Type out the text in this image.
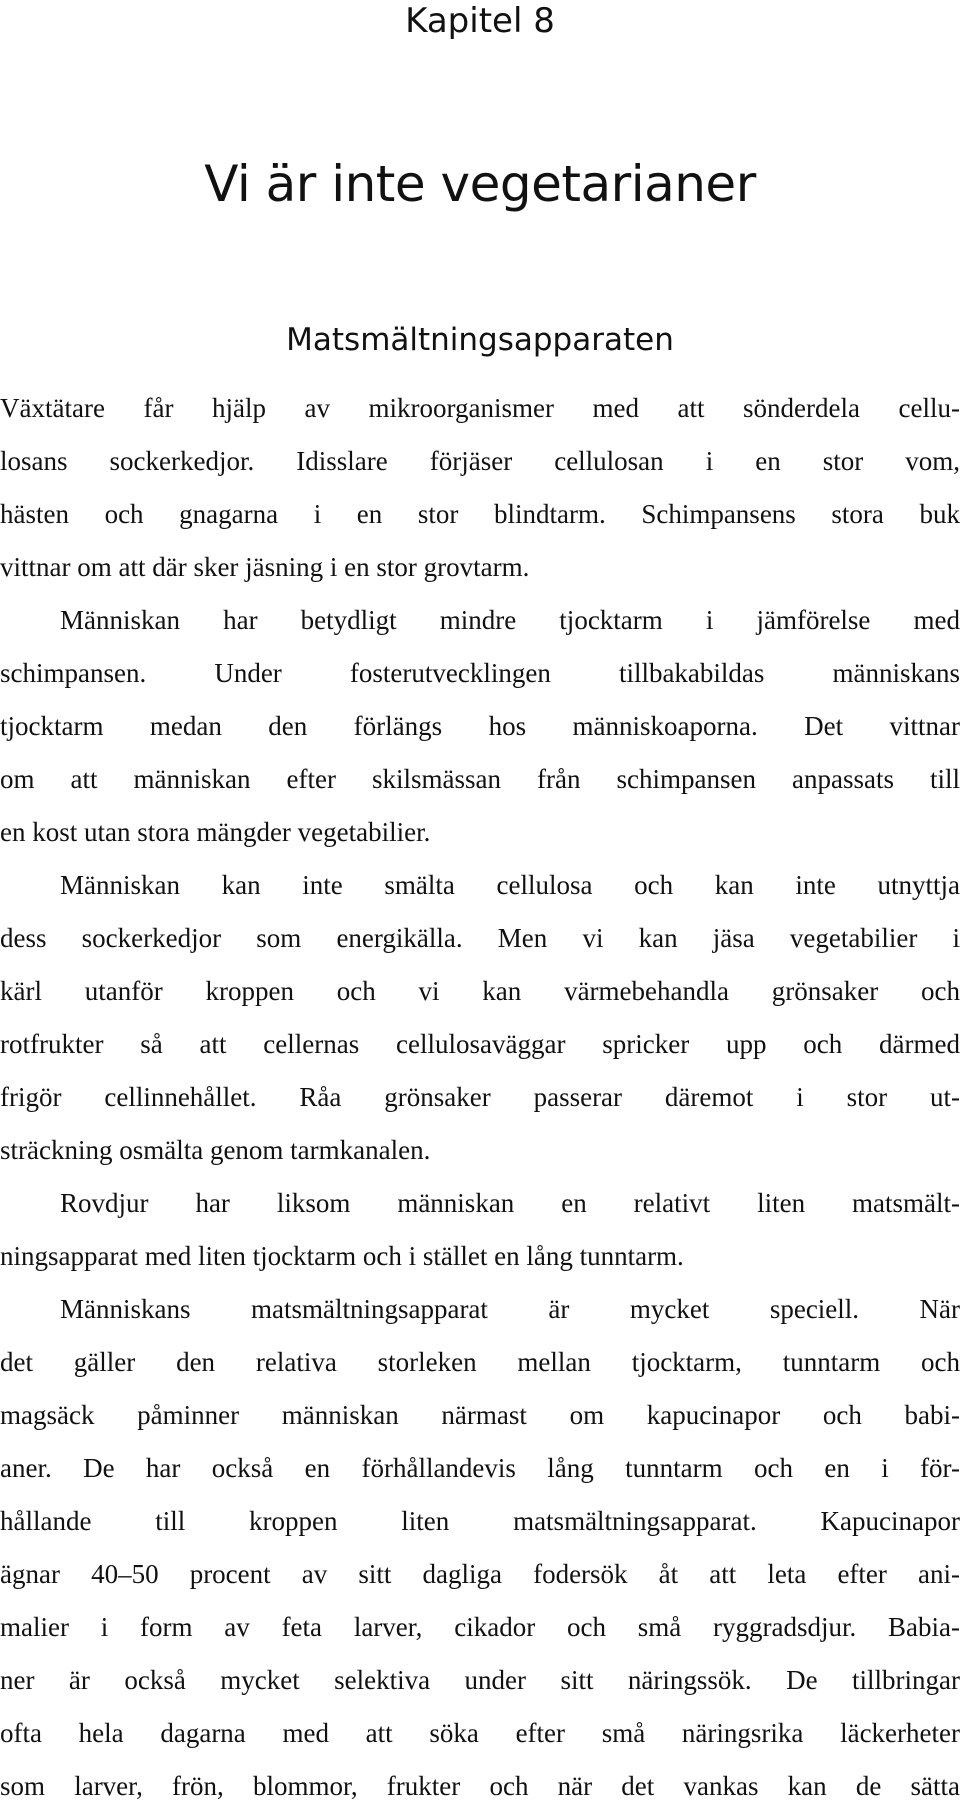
Kapitel 8
Vi är inte vegetarianer
Matsmältningsapparaten
Växtätare får hjälp av mikroorganismer med att sönderdela cellu-
losans sockerkedjor. Idisslare förjäser cellulosan i en stor vom,
hästen och gnagarna i en stor blindtarm. Schimpansens stora buk
vittnar om att där sker jäsning i en stor grovtarm.
Människan har betydligt mindre tjocktarm i jämförelse med
schimpansen. Under fosterutvecklingen tillbakabildas människans
tjocktarm medan den förlängs hos människoaporna. Det vittnar
om att människan efter skilsmässan från schimpansen anpassats till
en kost utan stora mängder vegetabilier.
Människan kan inte smälta cellulosa och kan inte utnyttja
dess sockerkedjor som energikälla. Men vi kan jäsa vegetabilier i
kärl utanför kroppen och vi kan värmebehandla grönsaker och
rotfrukter så att cellernas cellulosaväggar spricker upp och därmed
frigör cellinnehållet. Råa grönsaker passerar däremot i stor ut-
sträckning osmälta genom tarmkanalen.
Rovdjur har liksom människan en relativt liten matsmält-
ningsapparat med liten tjocktarm och i stället en lång tunntarm.
Människans matsmältningsapparat är mycket speciell. När
det gäller den relativa storleken mellan tjocktarm, tunntarm och
magsäck påminner människan närmast om kapucinapor och babi-
aner. De har också en förhållandevis lång tunntarm och en i för-
hållande till kroppen liten matsmältningsapparat. Kapucinapor
ägnar 40–50 procent av sitt dagliga fodersök åt att leta efter ani-
malier i form av feta larver, cikador och små ryggradsdjur. Babia-
ner är också mycket selektiva under sitt näringssök. De tillbringar
ofta hela dagarna med att söka efter små näringsrika läckerheter
som larver, frön, blommor, frukter och när det vankas kan de sätta
